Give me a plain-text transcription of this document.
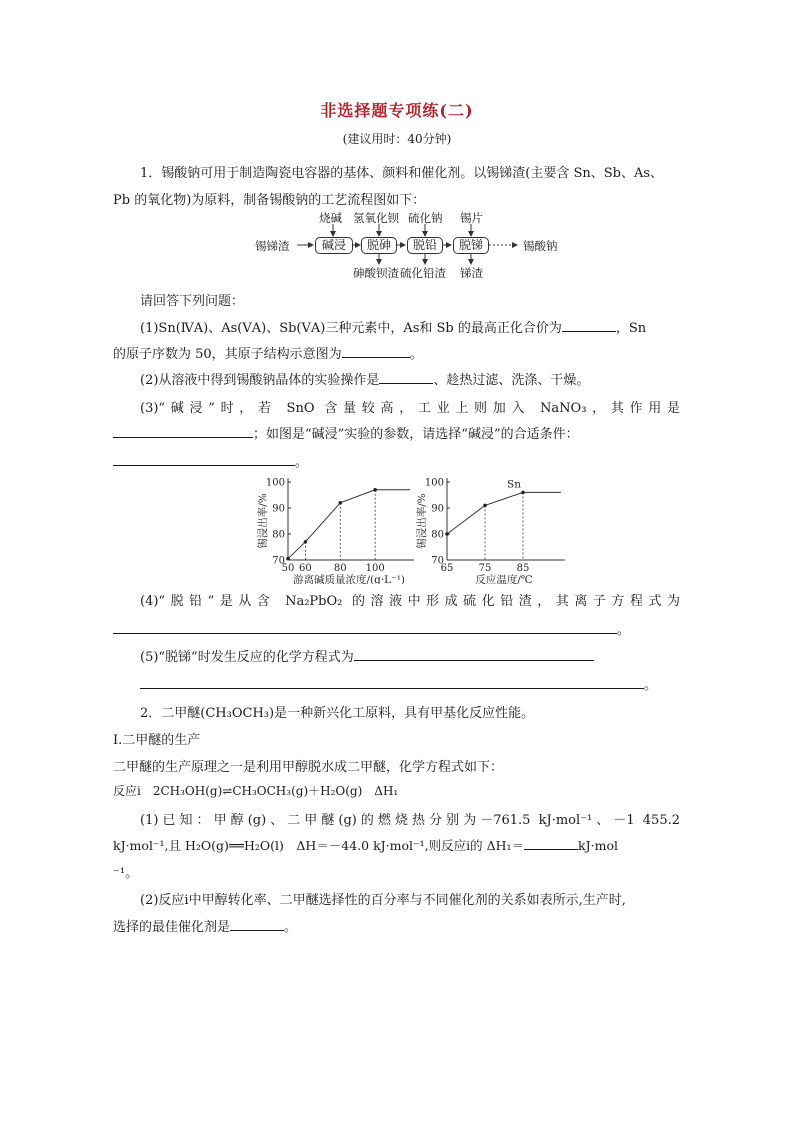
非选择题专项练(二)
(建议用时：40分钟)
1．锡酸钠可用于制造陶瓷电容器的基体、颜料和催化剂。以锡锑渣(主要含 Sn、Sb、As、
Pb 的氧化物)为原料，制备锡酸钠的工艺流程图如下：
锡锑渣	碱浸	脱砷	脱铅	脱锑	锡酸钠
烧碱 氢氧化钡 硫化钠 锡片
砷酸钡渣 硫化铅渣 锑渣
请回答下列问题：
(1)Sn(ⅣA)、As(ⅤA)、Sb(ⅤA)三种元素中，As和 Sb 的最高正化合价为	，Sn
的原子序数为 50，其原子结构示意图为	。
(2)从溶液中得到锡酸钠晶体的实验操作是	、趁热过滤、洗涤、干燥。
(3)“碱浸”时，若 SnO 含量较高，工业上则加入 NaNO₃，其作用是
；如图是“碱浸”实验的参数，请选择“碱浸”的合适条件：
。
70
80
90
100
50 60 80 100
锡浸出率/%
游离碱质量浓度/(g·L⁻¹)
70
80
90
100
65	75	85
锡浸出率/%
反应温度/℃
Sn
(4)“脱铅”是从含 Na₂PbO₂ 的溶液中形成硫化铅渣，其离子方程式为
。
(5)“脱锑”时发生反应的化学方程式为
。
2．二甲醚(CH₃OCH₃)是一种新兴化工原料，具有甲基化反应性能。
Ⅰ.二甲醚的生产
二甲醚的生产原理之一是利用甲醇脱水成二甲醚，化学方程式如下：
反应ⅰ　2CH₃OH(g)⇌CH₃OCH₃(g)＋H₂O(g)　ΔH₁
(1)已知：甲醇(g)、二甲醚(g)的燃烧热分别为－761.5 kJ·mol⁻¹、－1 455.2
kJ·mol⁻¹,且 H₂O(g)══H₂O(l)　ΔH＝－44.0 kJ·mol⁻¹,则反应ⅰ的 ΔH₁＝	kJ·mol
⁻¹。
(2)反应ⅰ中甲醇转化率、二甲醚选择性的百分率与不同催化剂的关系如表所示,生产时,
选择的最佳催化剂是	。
